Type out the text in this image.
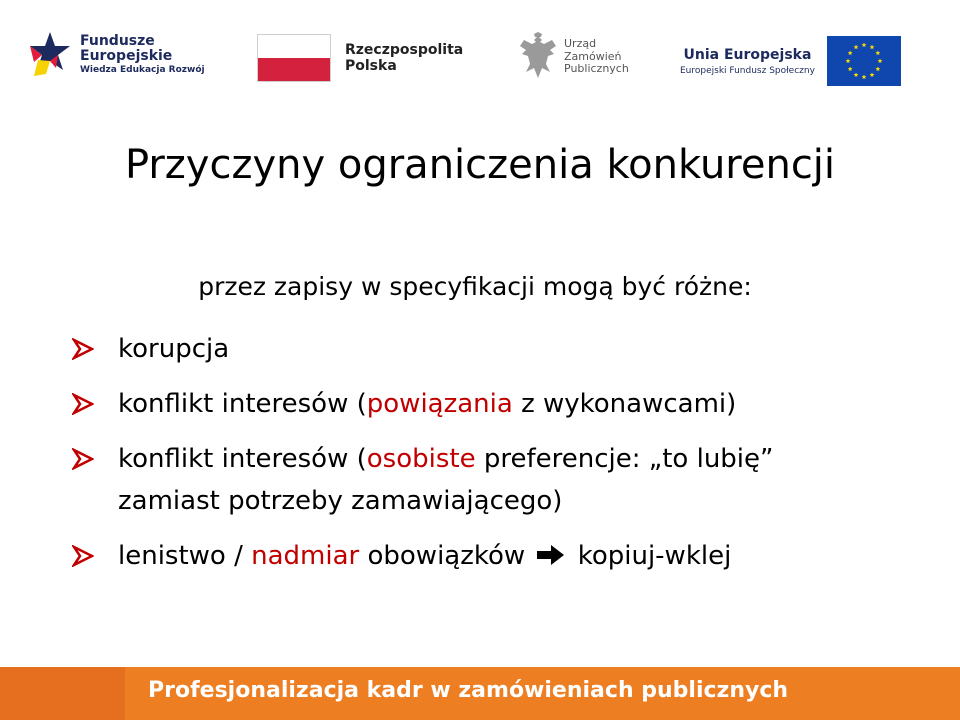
Fundusze
Europejskie
Wiedza Edukacja Rozwój
Rzeczpospolita
Polska
Urząd
Zamówień
Publicznych
Unia Europejska
Europejski Fundusz Społeczny
Przyczyny ograniczenia konkurencji
przez zapisy w specyfikacji mogą być różne:
korupcja
konflikt interesów (powiązania z wykonawcami)
konflikt interesów (osobiste preferencje: „to lubię” zamiast potrzeby zamawiającego)
lenistwo / nadmiar obowiązków  kopiuj-wklej
Profesjonalizacja kadr w zamówieniach publicznych
